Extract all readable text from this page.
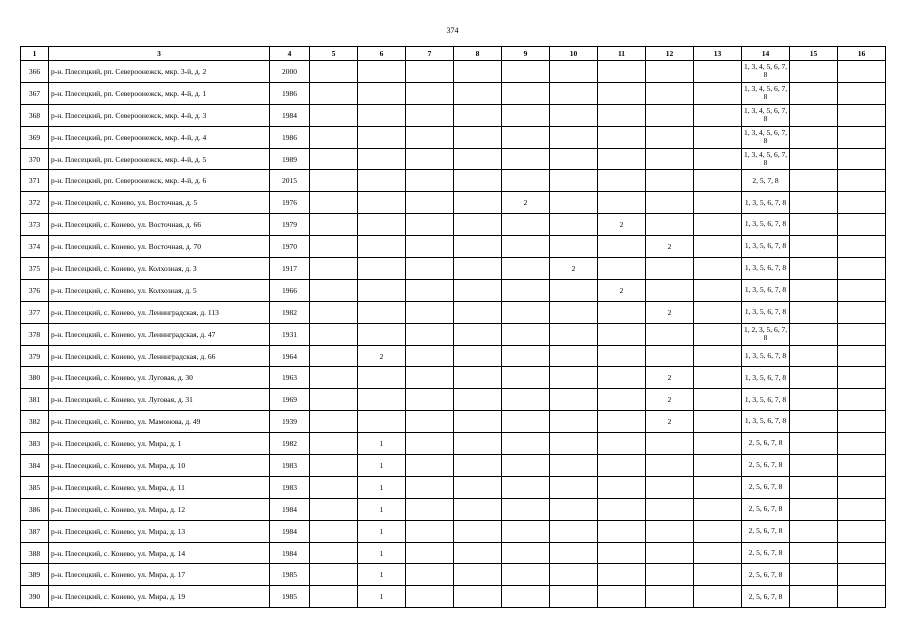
374
1	3	4	5	6	7	8	9	10	11	12	13	14	15	16
366	р-н. Плесецкий, рп. Североонежск, мкр. 3-й, д. 2	2000										1, 3, 4, 5, 6, 7, 8		
367	р-н. Плесецкий, рп. Североонежск, мкр. 4-й, д. 1	1986										1, 3, 4, 5, 6, 7, 8		
368	р-н. Плесецкий, рп. Североонежск, мкр. 4-й, д. 3	1984										1, 3, 4, 5, 6, 7, 8		
369	р-н. Плесецкий, рп. Североонежск, мкр. 4-й, д. 4	1986										1, 3, 4, 5, 6, 7, 8		
370	р-н. Плесецкий, рп. Североонежск, мкр. 4-й, д. 5	1989										1, 3, 4, 5, 6, 7, 8		
371	р-н. Плесецкий, рп. Североонежск, мкр. 4-й, д. 6	2015										2, 5, 7, 8		
372	р-н. Плесецкий, с. Конево, ул. Восточная, д. 5	1976					2					1, 3, 5, 6, 7, 8		
373	р-н. Плесецкий, с. Конево, ул. Восточная, д. 66	1979							2			1, 3, 5, 6, 7, 8		
374	р-н. Плесецкий, с. Конево, ул. Восточная, д. 70	1970								2		1, 3, 5, 6, 7, 8		
375	р-н. Плесецкий, с. Конево, ул. Колхозная, д. 3	1917						2				1, 3, 5, 6, 7, 8		
376	р-н. Плесецкий, с. Конево, ул. Колхозная, д. 5	1966							2			1, 3, 5, 6, 7, 8		
377	р-н. Плесецкий, с. Конево, ул. Ленинградская, д. 113	1982								2		1, 3, 5, 6, 7, 8		
378	р-н. Плесецкий, с. Конево, ул. Ленинградская, д. 47	1931										1, 2, 3, 5, 6, 7, 8		
379	р-н. Плесецкий, с. Конево, ул. Ленинградская, д. 66	1964		2								1, 3, 5, 6, 7, 8		
380	р-н. Плесецкий, с. Конево, ул. Луговая, д. 30	1963								2		1, 3, 5, 6, 7, 8		
381	р-н. Плесецкий, с. Конево, ул. Луговая, д. 31	1969								2		1, 3, 5, 6, 7, 8		
382	р-н. Плесецкий, с. Конево, ул. Мамонова, д. 49	1939								2		1, 3, 5, 6, 7, 8		
383	р-н. Плесецкий, с. Конево, ул. Мира, д. 1	1982		1								2, 5, 6, 7, 8		
384	р-н. Плесецкий, с. Конево, ул. Мира, д. 10	1983		1								2, 5, 6, 7, 8		
385	р-н. Плесецкий, с. Конево, ул. Мира, д. 11	1983		1								2, 5, 6, 7, 8		
386	р-н. Плесецкий, с. Конево, ул. Мира, д. 12	1984		1								2, 5, 6, 7, 8		
387	р-н. Плесецкий, с. Конево, ул. Мира, д. 13	1984		1								2, 5, 6, 7, 8		
388	р-н. Плесецкий, с. Конево, ул. Мира, д. 14	1984		1								2, 5, 6, 7, 8		
389	р-н. Плесецкий, с. Конево, ул. Мира, д. 17	1985		1								2, 5, 6, 7, 8		
390	р-н. Плесецкий, с. Конево, ул. Мира, д. 19	1985		1								2, 5, 6, 7, 8		
